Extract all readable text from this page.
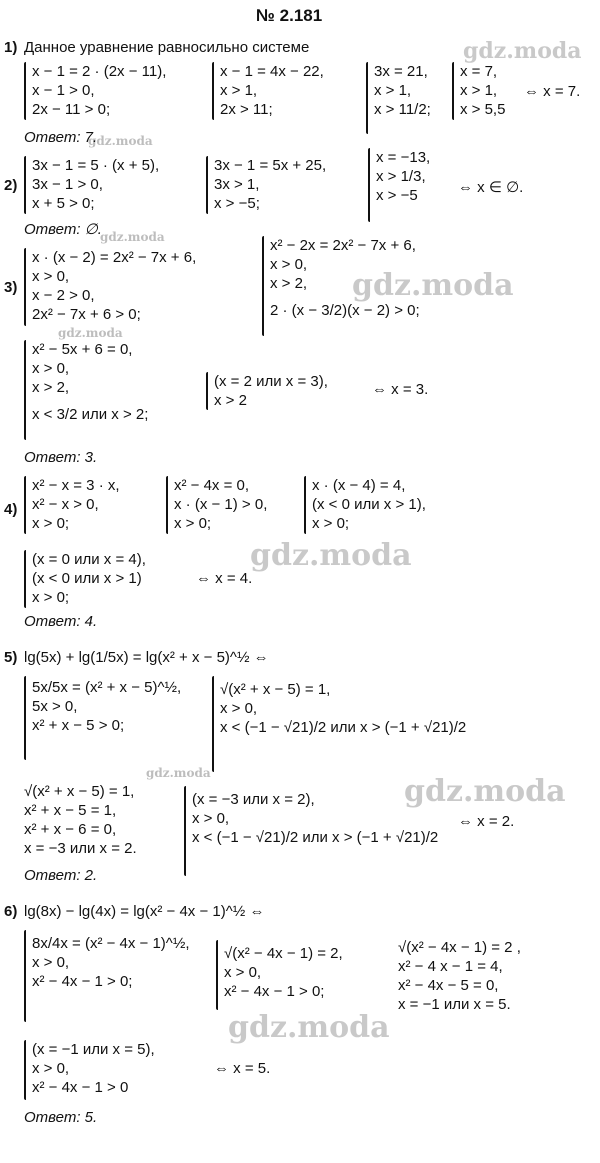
№ 2.181
gdz.moda
gdz.moda
gdz.moda
gdz.moda
gdz.moda
gdz.moda
gdz.moda
gdz.moda
gdz.moda
1) Данное уравнение равносильно системе
x − 1 = 2 · (2x − 11),
x − 1 > 0,
2x − 11 > 0;
x − 1 = 4x − 22,
x > 1,
2x > 11;
3x = 21,
x > 1,
x > 11/2;
x = 7,
x > 1,
x > 5,5
⇔ x = 7.
Ответ: 7.
2)
3x − 1 = 5 · (x + 5),
3x − 1 > 0,
x + 5 > 0;
3x − 1 = 5x + 25,
3x > 1,
x > −5;
x = −13,
x > 1/3,
x > −5	⇔ x ∈ ∅.
Ответ: ∅.
3)
x · (x − 2) = 2x² − 7x + 6,
x > 0,
x − 2 > 0,
2x² − 7x + 6 > 0;
x² − 2x = 2x² − 7x + 6,
x > 0,
x > 2,
2 · (x − 3/2)(x − 2) > 0;
x² − 5x + 6 = 0,
x > 0,
x > 2,
x < 3/2 или x > 2;
(x = 2 или x = 3),
x > 2
⇔ x = 3.
Ответ: 3.
4)
x² − x = 3 · x,
x² − x > 0,
x > 0;
x² − 4x = 0,
x · (x − 1) > 0,
x > 0;
x · (x − 4) = 4,
(x < 0 или x > 1),
x > 0;
(x = 0 или x = 4),
(x < 0 или x > 1)
x > 0;
⇔ x = 4.
Ответ: 4.
5) lg(5x) + lg(1/5x) = lg(x² + x − 5)^½ ⇔
5x/5x = (x² + x − 5)^½,
5x > 0,
x² + x − 5 > 0;
√(x² + x − 5) = 1,
x > 0,
x < (−1 − √21)/2 или x > (−1 + √21)/2
√(x² + x − 5) = 1,
x² + x − 5 = 1,
x² + x − 6 = 0,
x = −3 или x = 2.
(x = −3 или x = 2),
x > 0,
x < (−1 − √21)/2 или x > (−1 + √21)/2
⇔ x = 2.
Ответ: 2.
6) lg(8x) − lg(4x) = lg(x² − 4x − 1)^½ ⇔
8x/4x = (x² − 4x − 1)^½,
x > 0,
x² − 4x − 1 > 0;
√(x² − 4x − 1) = 2,
x > 0,
x² − 4x − 1 > 0;
√(x² − 4x − 1) = 2 ,
x² − 4 x − 1 = 4,
x² − 4x − 5 = 0,
x = −1 или x = 5.
(x = −1 или x = 5),
x > 0,
x² − 4x − 1 > 0
⇔ x = 5.
Ответ: 5.
